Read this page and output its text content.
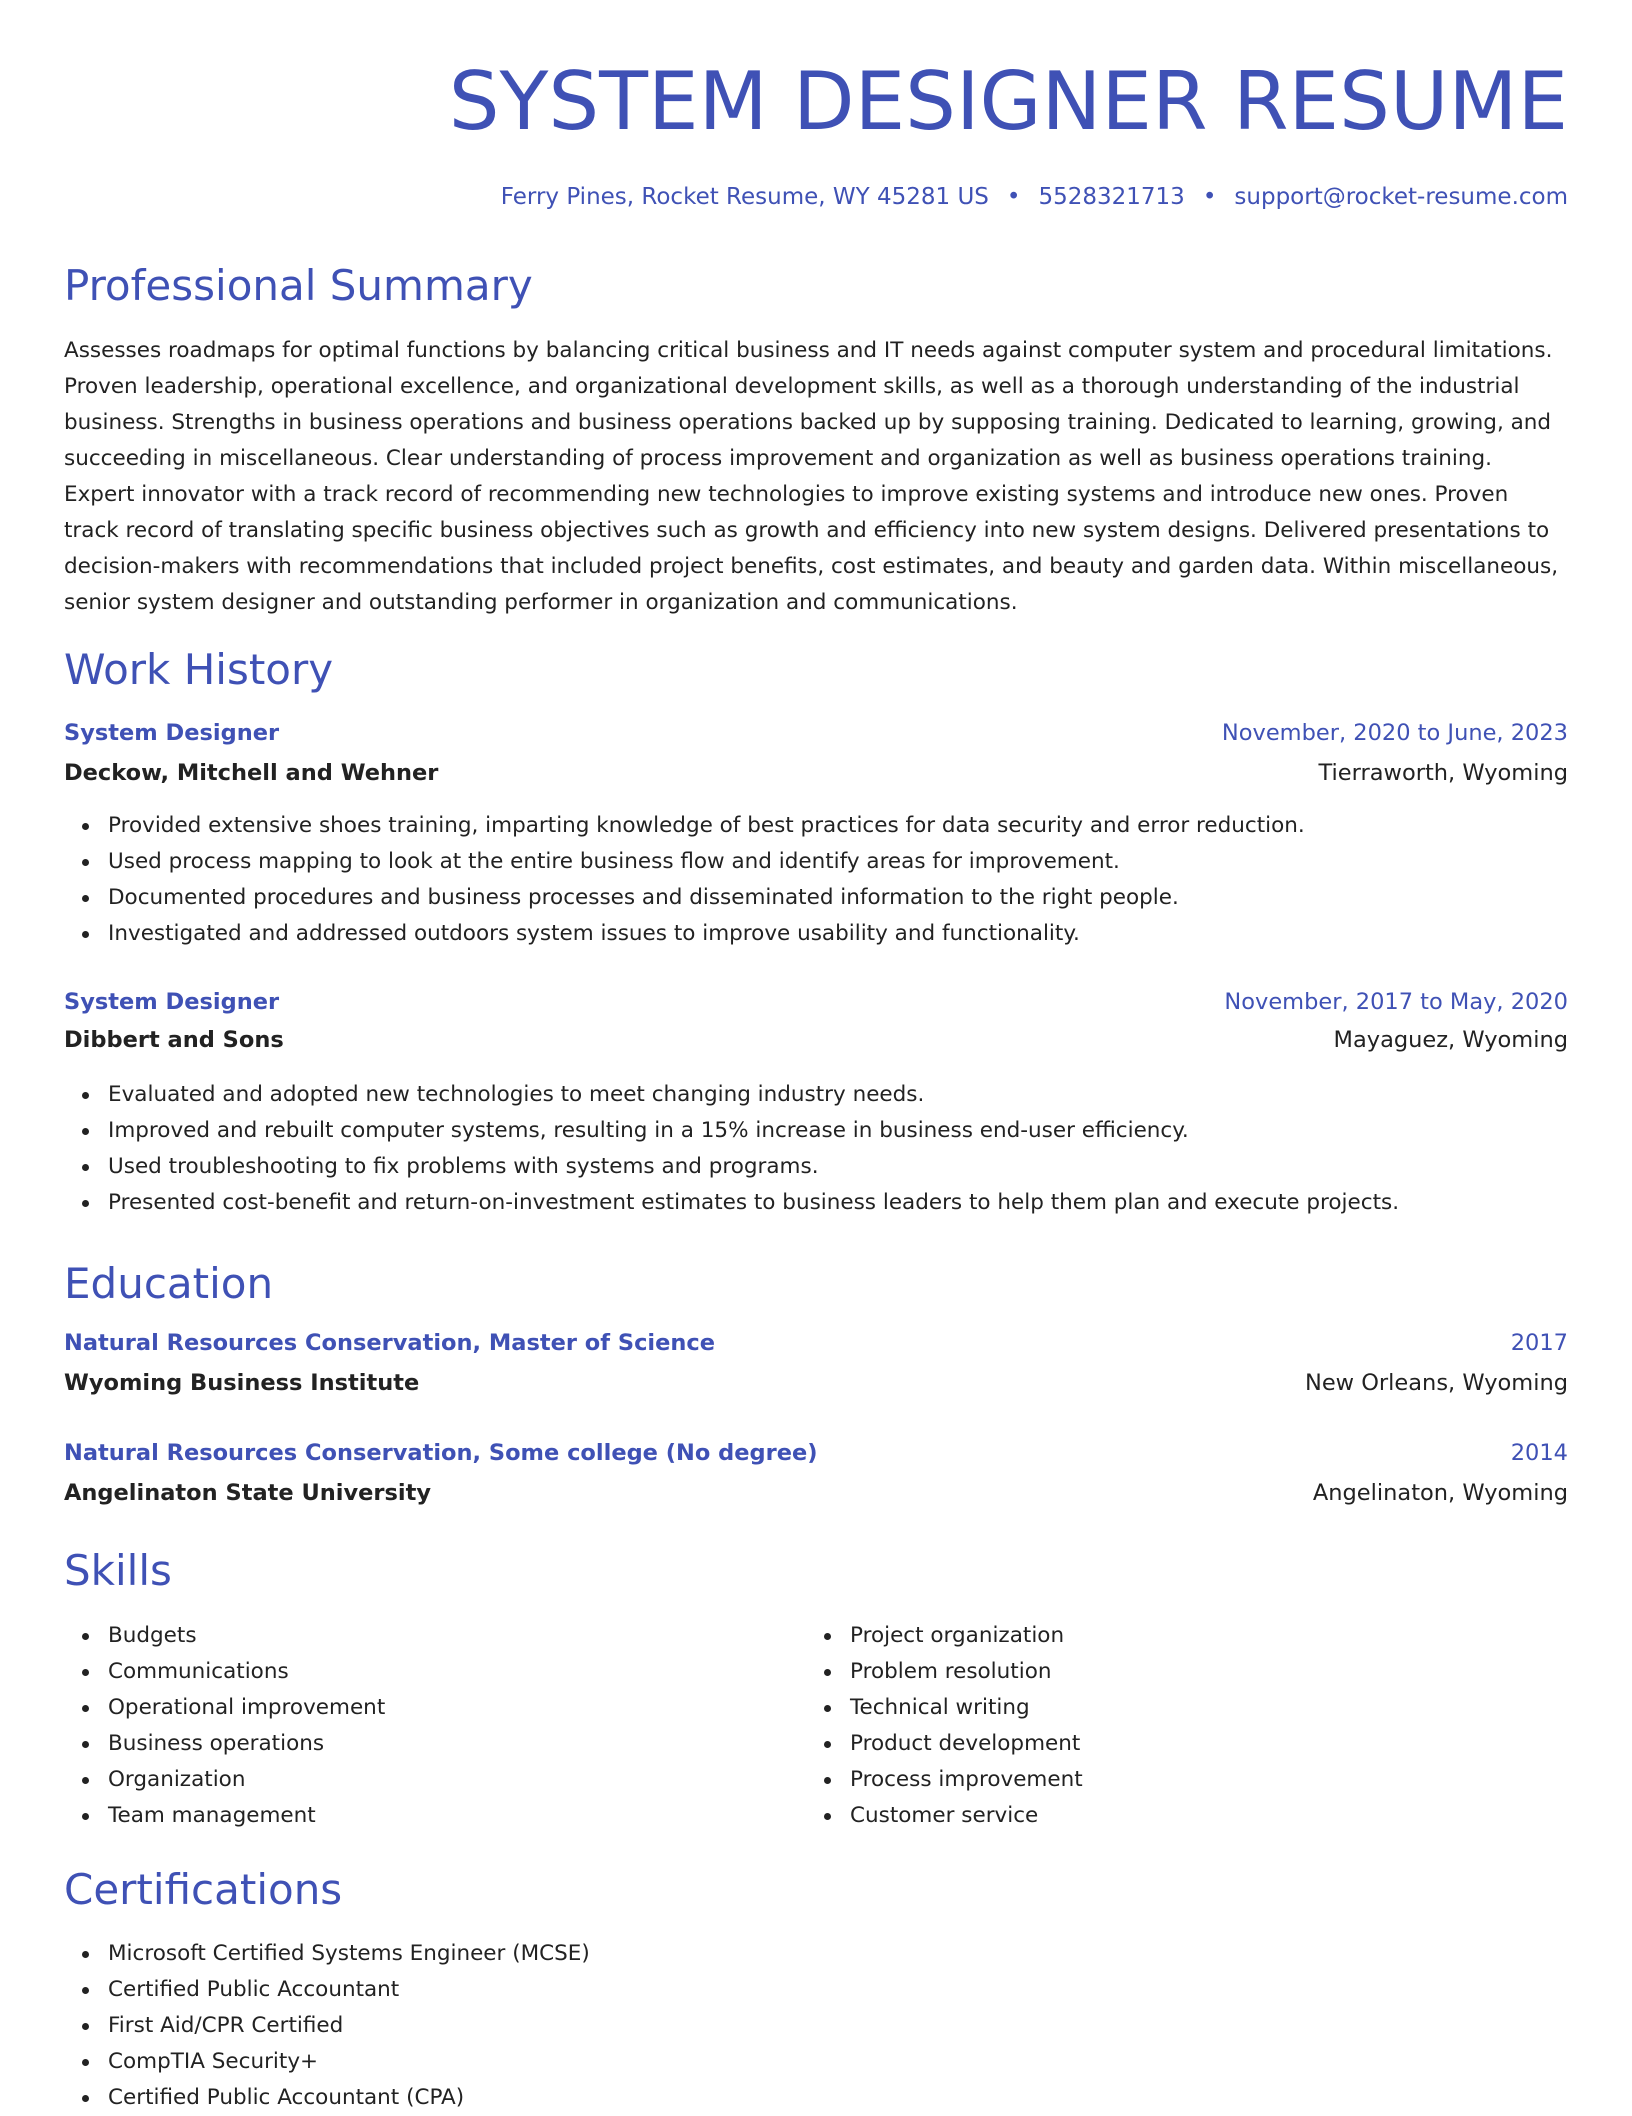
SYSTEM DESIGNER RESUME
Ferry Pines, Rocket Resume, WY 45281 US • 5528321713 • support@rocket-resume.com
Professional Summary

Assesses roadmaps for optimal functions by balancing critical business and IT needs against computer system and procedural limitations. Proven leadership, operational excellence, and organizational development skills, as well as a thorough understanding of the industrial business. Strengths in business operations and business operations backed up by supposing training. Dedicated to learning, growing, and succeeding in miscellaneous. Clear understanding of process improvement and organization as well as business operations training. Expert innovator with a track record of recommending new technologies to improve existing systems and introduce new ones. Proven track record of translating specific business objectives such as growth and efficiency into new system designs. Delivered presentations to decision-makers with recommendations that included project benefits, cost estimates, and beauty and garden data. Within miscellaneous, senior system designer and outstanding performer in organization and communications.

Work History
System Designer	November, 2020 to June, 2023
Deckow, Mitchell and Wehner	Tierraworth, Wyoming
Provided extensive shoes training, imparting knowledge of best practices for data security and error reduction.
Used process mapping to look at the entire business flow and identify areas for improvement.
Documented procedures and business processes and disseminated information to the right people.
Investigated and addressed outdoors system issues to improve usability and functionality.
System Designer	November, 2017 to May, 2020
Dibbert and Sons	Mayaguez, Wyoming
Evaluated and adopted new technologies to meet changing industry needs.
Improved and rebuilt computer systems, resulting in a 15% increase in business end-user efficiency.
Used troubleshooting to fix problems with systems and programs.
Presented cost-benefit and return-on-investment estimates to business leaders to help them plan and execute projects.
Education
Natural Resources Conservation, Master of Science	2017
Wyoming Business Institute	New Orleans, Wyoming
Natural Resources Conservation, Some college (No degree)	2014
Angelinaton State University	Angelinaton, Wyoming
Skills
Budgets
Communications
Operational improvement
Business operations
Organization
Team management
Project organization
Problem resolution
Technical writing
Product development
Process improvement
Customer service
Certifications
Microsoft Certified Systems Engineer (MCSE)
Certified Public Accountant
First Aid/CPR Certified
CompTIA Security+
Certified Public Accountant (CPA)
